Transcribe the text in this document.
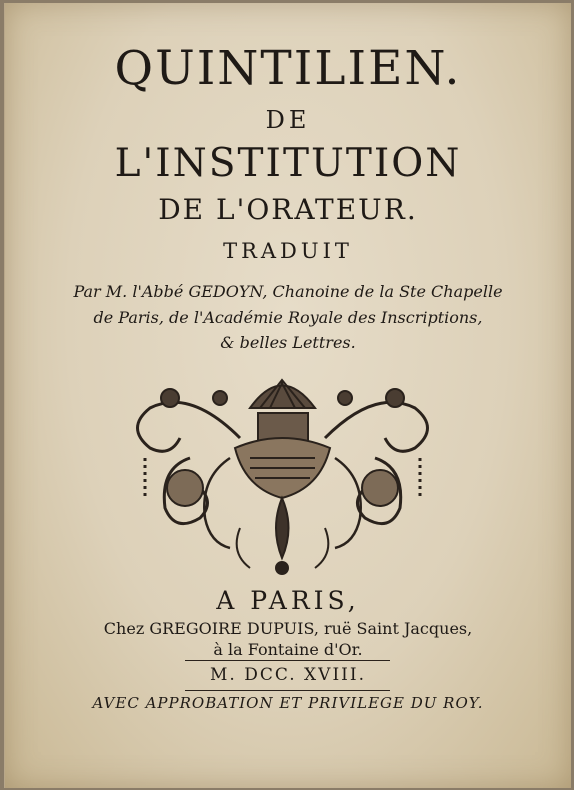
QUINTILIEN.
DE
L'INSTITUTION
DE L'ORATEUR.
TRADUIT
Par M. l'Abbé GEDOYN, Chanoine de la Ste Chapelle
de Paris, de l'Académie Royale des Inscriptions,
& belles Lettres.
A PARIS,
Chez GREGOIRE DUPUIS, ruë Saint Jacques,
à la Fontaine d'Or.
M. DCC. XVIII.
AVEC APPROBATION ET PRIVILEGE DU ROY.
